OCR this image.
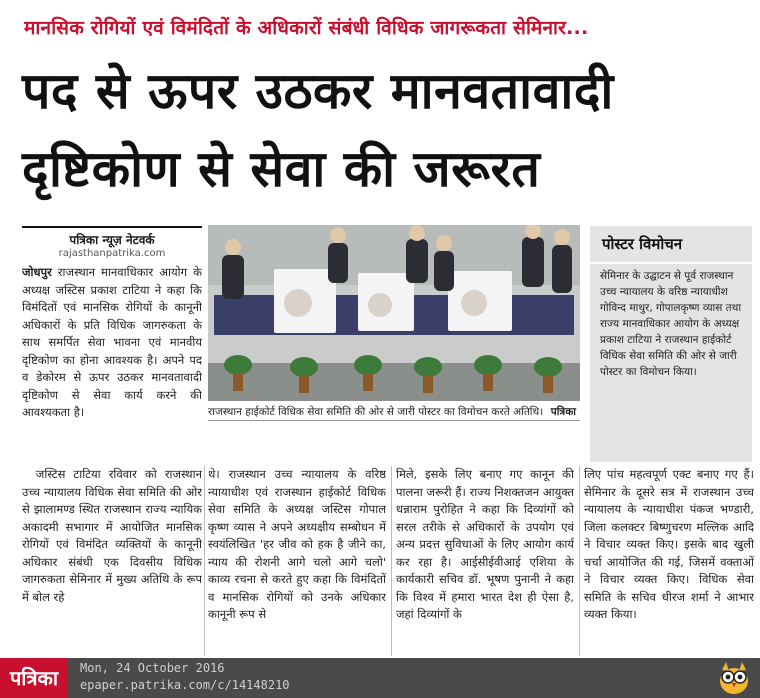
मानसिक रोगियों एवं विमंदितों के अधिकारों संबंधी विधिक जागरूकता सेमिनार...
पद से ऊपर उठकर मानवतावादी
दृष्टिकोण से सेवा की जरूरत
पत्रिका न्यूज़ नेटवर्क
rajasthanpatrika.com

जोधपुर राजस्थान मानवाधिकार आयोग के अध्यक्ष जस्टिस प्रकाश टाटिया ने कहा कि विमंदितों एवं मानसिक रोगियों के कानूनी अधिकारों के प्रति विधिक जागरुकता के साथ समर्पित सेवा भावना एवं मानवीय दृष्टिकोण का होना आवश्यक है। अपने पद व डेकोरम से ऊपर उठकर मानवतावादी दृष्टिकोण से सेवा कार्य करने की आवश्यकता है।	राजस्थान हाईकोर्ट विधिक सेवा समिति की ओर से जारी पोस्टर का विमोचन करते अतिथि। पत्रिका
पोस्टर विमोचन
सेमिनार के उद्घाटन से पूर्व राजस्थान उच्च न्यायालय के वरिष्ठ न्यायाधीश गोविन्द माथुर, गोपालकृष्ण व्यास तथा राज्य मानवाधिकार आयोग के अध्यक्ष प्रकाश टाटिया ने राजस्थान हाईकोर्ट विधिक सेवा समिति की ओर से जारी पोस्टर का विमोचन किया।

जस्टिस टाटिया रविवार को राजस्थान उच्च न्यायालय विधिक सेवा समिति की ओर से झालामण्ड स्थित राजस्थान राज्य न्यायिक अकादमी सभागार में आयोजित मानसिक रोगियों एवं विमंदित व्यक्तियों के कानूनी अधिकार संबंधी एक दिवसीय विधिक जागरुकता सेमिनार में मुख्य अतिथि के रूप में बोल रहे

थे। राजस्थान उच्च न्यायालय के वरिष्ठ न्यायाधीश एवं राजस्थान हाईकोर्ट विधिक सेवा समिति के अध्यक्ष जस्टिस गोपाल कृष्ण व्यास ने अपने अध्यक्षीय सम्बोधन में स्वयंलिखित 'हर जीव को हक है जीने का, न्याय की रोशनी आगे चलो आगे चलो' काव्य रचना से करते हुए कहा कि विमंदितों व मानसिक रोगियों को उनके अधिकार कानूनी रूप से

मिले, इसके लिए बनाए गए कानून की पालना जरूरी हैं। राज्य निशक्तजन आयुक्त धन्नाराम पुरोहित ने कहा कि दिव्यांगों को सरल तरीके से अधिकारों के उपयोग एवं अन्य प्रदत्त सुविधाओं के लिए आयोग कार्य कर रहा है। आईसीईवीआई एशिया के कार्यकारी सचिव डॉ. भूषण पुनानी ने कहा कि विश्व में हमारा भारत देश ही ऐसा है, जहां दिव्यांगों के

लिए पांच महत्वपूर्ण एक्ट बनाए गए हैं। सेमिनार के दूसरे सत्र में राजस्थान उच्च न्यायालय के न्यायाधीश पंकज भण्डारी, जिला कलक्टर बिष्णुचरण मल्लिक आदि ने विचार व्यक्त किए। इसके बाद खुली चर्चा आयोजित की गई, जिसमें वक्ताओं ने विचार व्यक्त किए। विधिक सेवा समिति के सचिव धीरज शर्मा ने आभार व्यक्त किया।

पत्रिका	Mon, 24 October 2016
epaper.patrika.com/c/14148210
